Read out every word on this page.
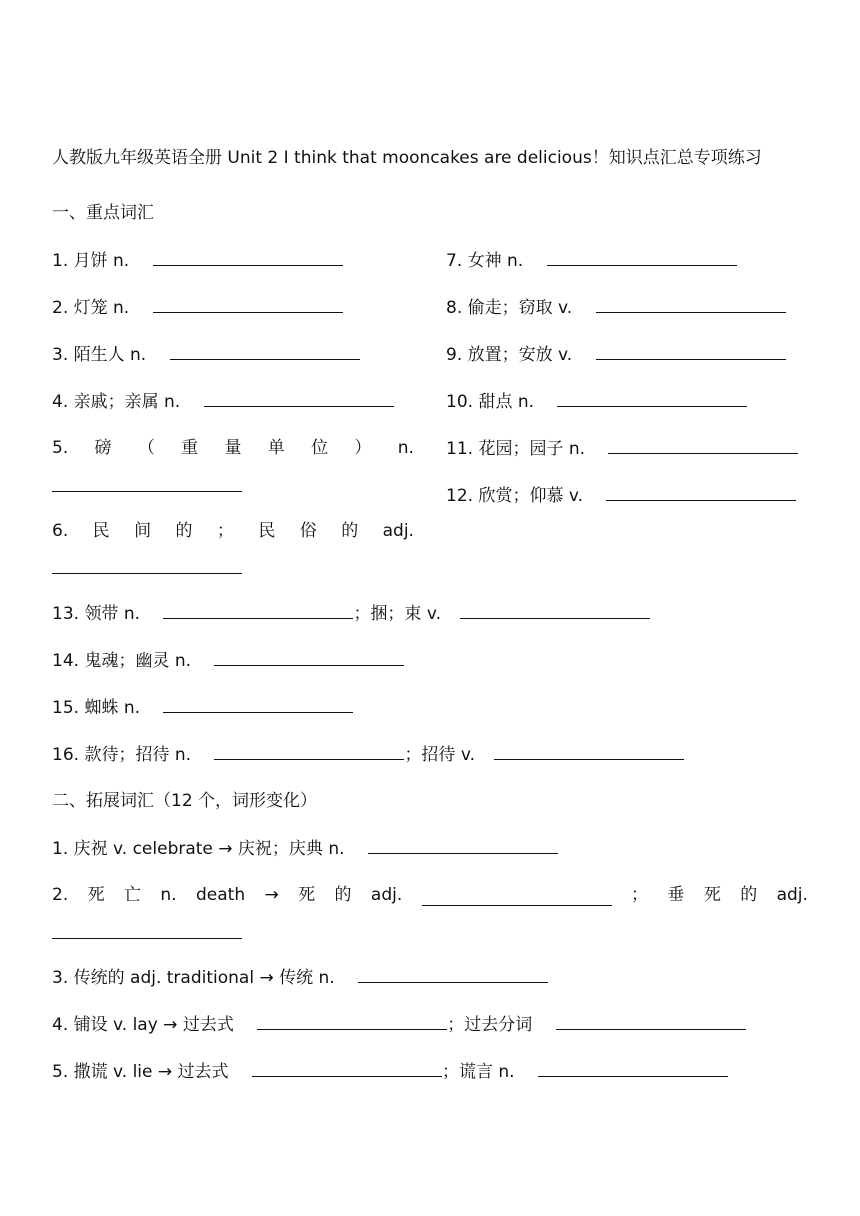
人教版九年级英语全册 Unit 2 I think that mooncakes are delicious！知识点汇总专项练习
一、重点词汇
1. 月饼 n.
2. 灯笼 n.
3. 陌生人 n.
4. 亲戚；亲属 n.
5. 磅 （ 重 量 单 位 ） n.
6. 民 间 的 ； 民 俗 的 adj.
7. 女神 n.
8. 偷走；窃取 v.
9. 放置；安放 v.
10. 甜点 n.
11. 花园；园子 n.
12. 欣赏；仰慕 v.
13. 领带 n.	；捆；束 v.
14. 鬼魂；幽灵 n.
15. 蜘蛛 n.
16. 款待；招待 n.	；招待 v.
二、拓展词汇（12 个，词形变化）
1. 庆祝 v. celebrate → 庆祝；庆典 n.
2. 死 亡 n. death → 死 的 adj.	； 垂 死 的 adj.
3. 传统的 adj. traditional → 传统 n.
4. 铺设 v. lay → 过去式	；过去分词
5. 撒谎 v. lie → 过去式	；谎言 n.
